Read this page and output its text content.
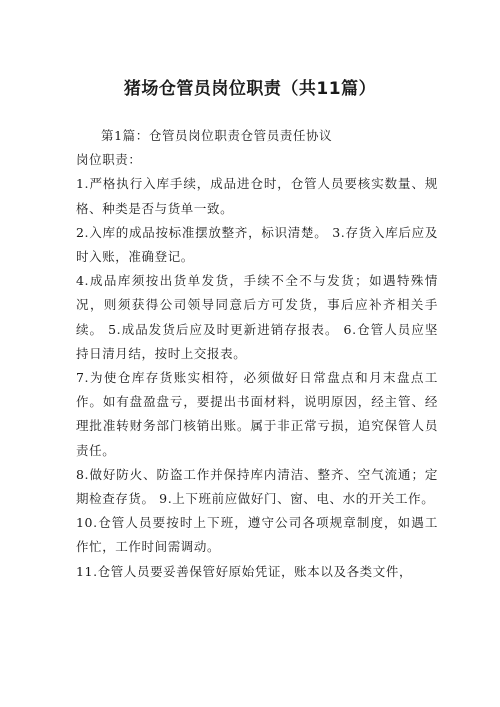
猪场仓管员岗位职责（共11篇）

第1篇：仓管员岗位职责仓管员责任协议

岗位职责：

1.严格执行入库手续，成品进仓时，仓管人员要核实数量、规格、种类是否与货单一致。

2.入库的成品按标准摆放整齐，标识清楚。 3.存货入库后应及时入账，准确登记。

4.成品库须按出货单发货，手续不全不与发货；如遇特殊情况，则须获得公司领导同意后方可发货，事后应补齐相关手续。 5.成品发货后应及时更新进销存报表。 6.仓管人员应坚持日清月结，按时上交报表。

7.为使仓库存货账实相符，必须做好日常盘点和月末盘点工作。如有盘盈盘亏，要提出书面材料，说明原因，经主管、经理批准转财务部门核销出账。属于非正常亏损，追究保管人员责任。

8.做好防火、防盗工作并保持库内清洁、整齐、空气流通；定期检查存货。 9.上下班前应做好门、窗、电、水的开关工作。

10.仓管人员要按时上下班，遵守公司各项规章制度，如遇工作忙，工作时间需调动。

11.仓管人员要妥善保管好原始凭证，账本以及各类文件，
